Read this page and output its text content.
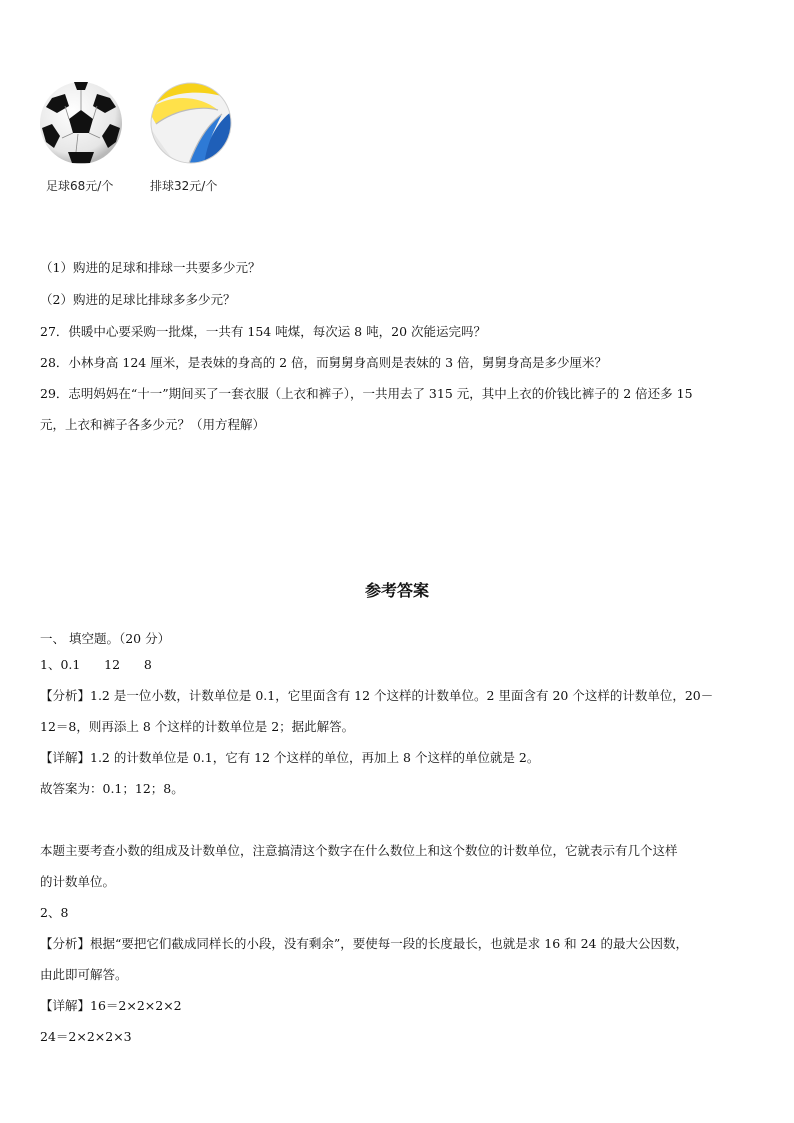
足球68元/个	排球32元/个
（1）购进的足球和排球一共要多少元？
（2）购进的足球比排球多多少元？
27．供暖中心要采购一批煤，一共有 154 吨煤，每次运 8 吨，20 次能运完吗？
28．小林身高 124 厘米，是表妹的身高的 2 倍，而舅舅身高则是表妹的 3 倍，舅舅身高是多少厘米？
29．志明妈妈在“十一”期间买了一套衣服（上衣和裤子），一共用去了 315 元，其中上衣的价钱比裤子的 2 倍还多 15
元，上衣和裤子各多少元？（用方程解）
参考答案
一、 填空题。（20 分）
1、0.1      12      8
【分析】1.2 是一位小数，计数单位是 0.1，它里面含有 12 个这样的计数单位。2 里面含有 20 个这样的计数单位，20－
12＝8，则再添上 8 个这样的计数单位是 2；据此解答。
【详解】1.2 的计数单位是 0.1，它有 12 个这样的单位，再加上 8 个这样的单位就是 2。
故答案为：0.1；12；8。
本题主要考查小数的组成及计数单位，注意搞清这个数字在什么数位上和这个数位的计数单位，它就表示有几个这样
的计数单位。
2、8
【分析】根据“要把它们截成同样长的小段，没有剩余”，要使每一段的长度最长，也就是求 16 和 24 的最大公因数，
由此即可解答。
【详解】16＝2×2×2×2
24＝2×2×2×3
